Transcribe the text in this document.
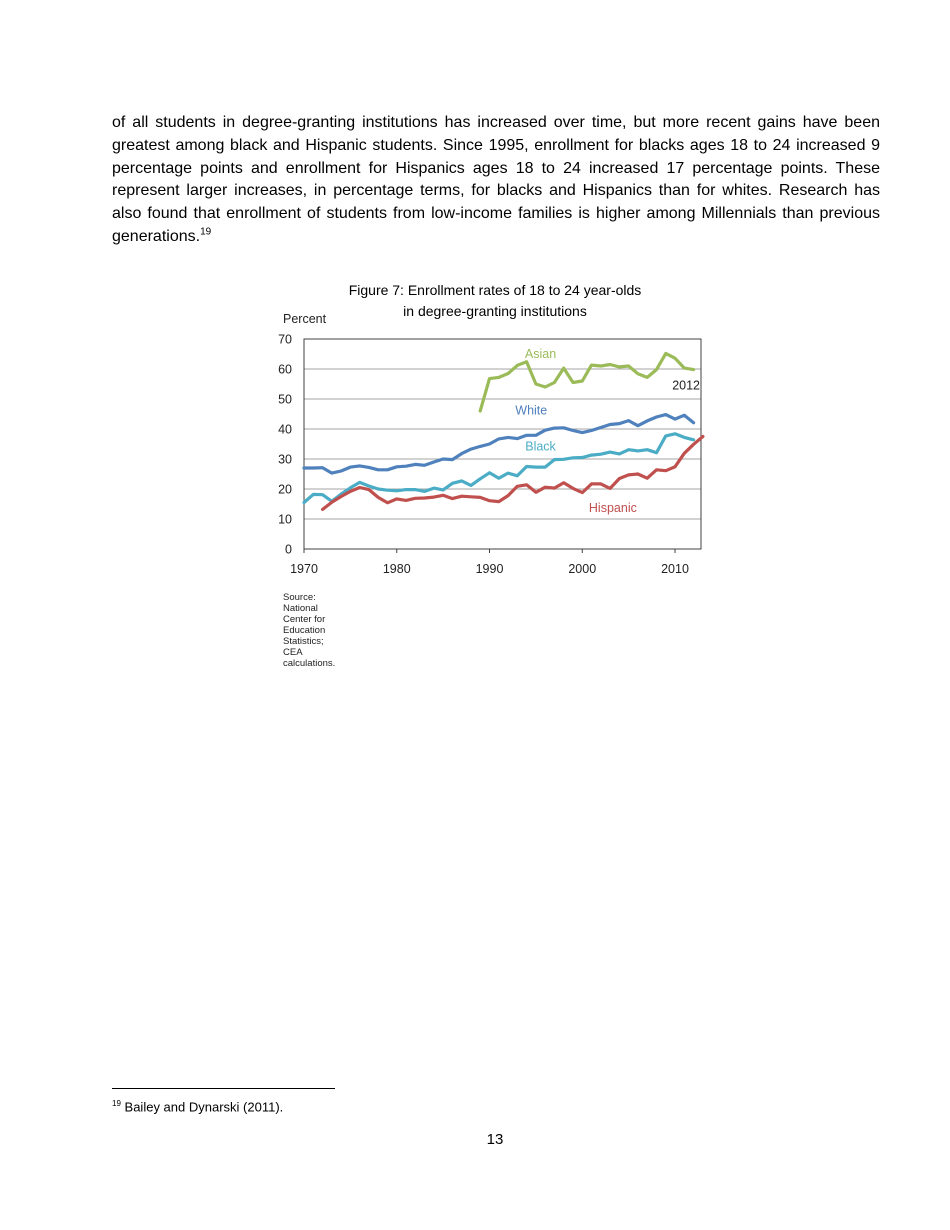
of all students in degree-granting institutions has increased over time, but more recent gains have been greatest among black and Hispanic students. Since 1995, enrollment for blacks ages 18 to 24 increased 9 percentage points and enrollment for Hispanics ages 18 to 24 increased 17 percentage points. These represent larger increases, in percentage terms, for blacks and Hispanics than for whites. Research has also found that enrollment of students from low-income families is higher among Millennials than previous generations.$^{19}$

Figure 7: Enrollment rates of 18 to 24 year-olds
in degree-granting institutions
0
10
20
30
40
50
60
70
1970	1980	1990	2000	2010
Percent
Asian
White
Black
Hispanic
2012
Source: National Center for Education Statistics; CEA calculations.

$^{19}$ Bailey and Dynarski (2011).

13
